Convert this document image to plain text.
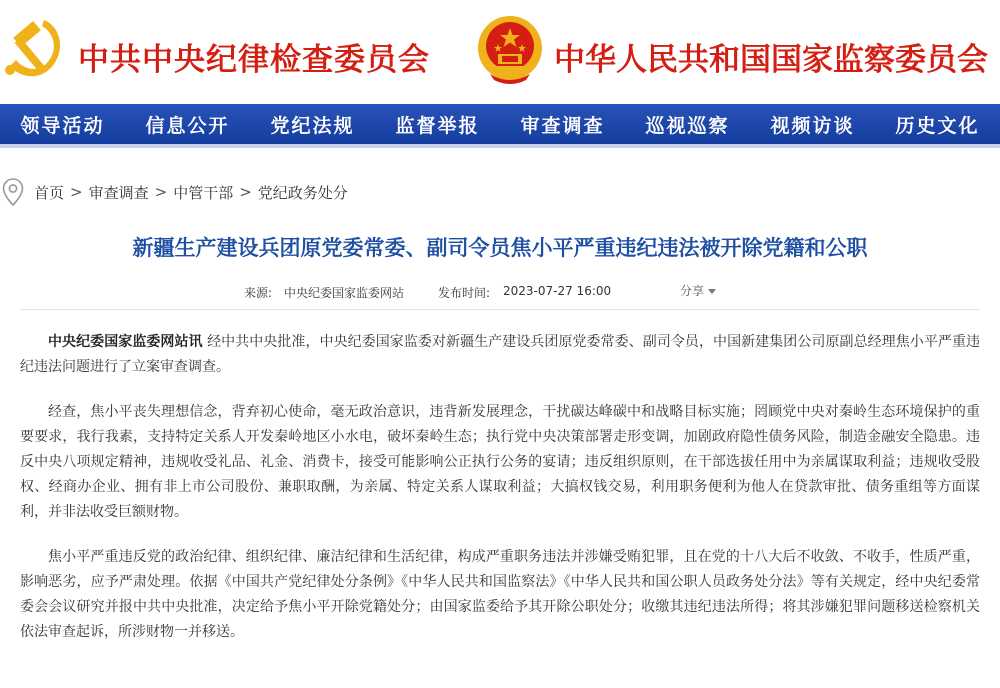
中共中央纪律检查委员会	中华人民共和国国家监察委员会
领导活动	信息公开	党纪法规	监督举报	审查调查	巡视巡察	视频访谈	历史文化
首页 > 审查调查 > 中管干部 > 党纪政务处分
新疆生产建设兵团原党委常委、副司令员焦小平严重违纪违法被开除党籍和公职
来源: 中央纪委国家监委网站	发布时间: 2023-07-27 16:00	分享

中央纪委国家监委网站讯 经中共中央批准，中央纪委国家监委对新疆生产建设兵团原党委常委、副司令员，中国新建集团公司原副总经理焦小平严重违纪违法问题进行了立案审查调查。

经查，焦小平丧失理想信念，背弃初心使命，毫无政治意识，违背新发展理念，干扰碳达峰碳中和战略目标实施；罔顾党中央对秦岭生态环境保护的重要要求，我行我素，支持特定关系人开发秦岭地区小水电，破坏秦岭生态；执行党中央决策部署走形变调，加剧政府隐性债务风险，制造金融安全隐患。违反中央八项规定精神，违规收受礼品、礼金、消费卡，接受可能影响公正执行公务的宴请；违反组织原则，在干部选拔任用中为亲属谋取利益；违规收受股权、经商办企业、拥有非上市公司股份、兼职取酬，为亲属、特定关系人谋取利益；大搞权钱交易，利用职务便利为他人在贷款审批、债务重组等方面谋利，并非法收受巨额财物。

焦小平严重违反党的政治纪律、组织纪律、廉洁纪律和生活纪律，构成严重职务违法并涉嫌受贿犯罪，且在党的十八大后不收敛、不收手，性质严重，影响恶劣，应予严肃处理。依据《中国共产党纪律处分条例》《中华人民共和国监察法》《中华人民共和国公职人员政务处分法》等有关规定，经中央纪委常委会会议研究并报中共中央批准，决定给予焦小平开除党籍处分；由国家监委给予其开除公职处分；收缴其违纪违法所得；将其涉嫌犯罪问题移送检察机关依法审查起诉，所涉财物一并移送。
